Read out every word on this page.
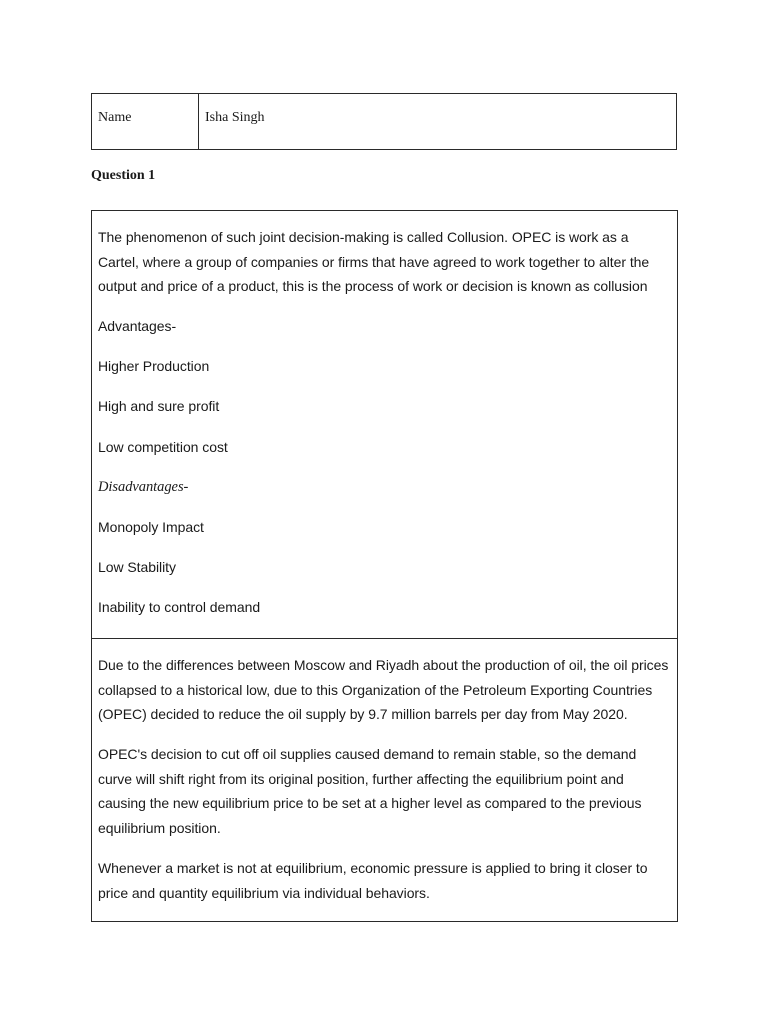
Name	Isha Singh
Question 1

The phenomenon of such joint decision-making is called Collusion. OPEC is work as a Cartel, where a group of companies or firms that have agreed to work together to alter the output and price of a product, this is the process of work or decision is known as collusion

Advantages-

Higher Production

High and sure profit

Low competition cost

Disadvantages-

Monopoly Impact

Low Stability

Inability to control demand

Due to the differences between Moscow and Riyadh about the production of oil, the oil prices collapsed to a historical low, due to this Organization of the Petroleum Exporting Countries (OPEC) decided to reduce the oil supply by 9.7 million barrels per day from May 2020.

OPEC's decision to cut off oil supplies caused demand to remain stable, so the demand curve will shift right from its original position, further affecting the equilibrium point and causing the new equilibrium price to be set at a higher level as compared to the previous equilibrium position.

Whenever a market is not at equilibrium, economic pressure is applied to bring it closer to price and quantity equilibrium via individual behaviors.
